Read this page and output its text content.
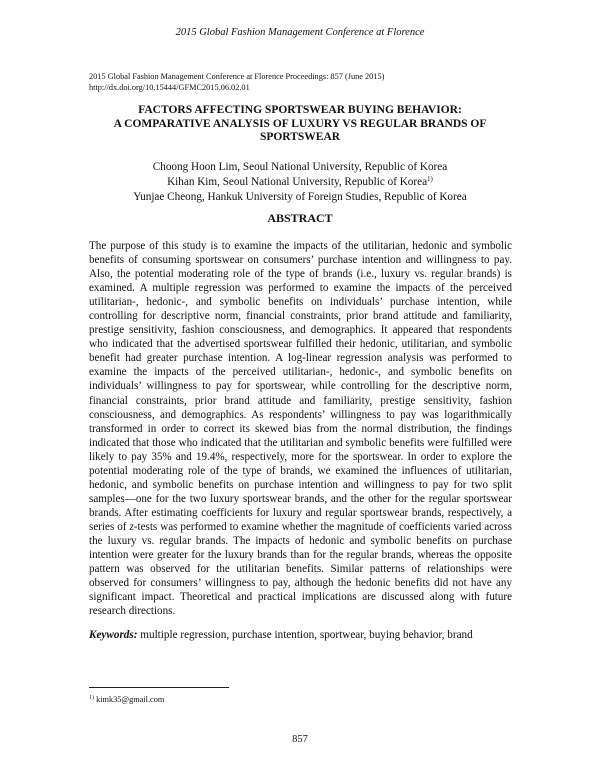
2015 Global Fashion Management Conference at Florence
2015 Global Fashion Management Conference at Florence Proceedings: 857 (June 2015)
http://dx.doi.org/10.15444/GFMC2015.06.02.01
FACTORS AFFECTING SPORTSWEAR BUYING BEHAVIOR:
A COMPARATIVE ANALYSIS OF LUXURY VS REGULAR BRANDS OF
SPORTSWEAR
Choong Hoon Lim, Seoul National University, Republic of Korea
Kihan Kim, Seoul National University, Republic of Korea$^{1)}$
Yunjae Cheong, Hankuk University of Foreign Studies, Republic of Korea
ABSTRACT

The purpose of this study is to examine the impacts of the utilitarian, hedonic and symbolic benefits of consuming sportswear on consumers’ purchase intention and willingness to pay. Also, the potential moderating role of the type of brands (i.e., luxury vs. regular brands) is examined. A multiple regression was performed to examine the impacts of the perceived utilitarian-, hedonic-, and symbolic benefits on individuals’ purchase intention, while controlling for descriptive norm, financial constraints, prior brand attitude and familiarity, prestige sensitivity, fashion consciousness, and demographics. It appeared that respondents who indicated that the advertised sportswear fulfilled their hedonic, utilitarian, and symbolic benefit had greater purchase intention. A log-linear regression analysis was performed to examine the impacts of the perceived utilitarian-, hedonic-, and symbolic benefits on individuals’ willingness to pay for sportswear, while controlling for the descriptive norm, financial constraints, prior brand attitude and familiarity, prestige sensitivity, fashion consciousness, and demographics. As respondents’ willingness to pay was logarithmically transformed in order to correct its skewed bias from the normal distribution, the findings indicated that those who indicated that the utilitarian and symbolic benefits were fulfilled were likely to pay 35% and 19.4%, respectively, more for the sportswear. In order to explore the potential moderating role of the type of brands, we examined the influences of utilitarian, hedonic, and symbolic benefits on purchase intention and willingness to pay for two split samples—one for the two luxury sportswear brands, and the other for the regular sportswear brands. After estimating coefficients for luxury and regular sportswear brands, respectively, a series of z-tests was performed to examine whether the magnitude of coefficients varied across the luxury vs. regular brands. The impacts of hedonic and symbolic benefits on purchase intention were greater for the luxury brands than for the regular brands, whereas the opposite pattern was observed for the utilitarian benefits. Similar patterns of relationships were observed for consumers’ willingness to pay, although the hedonic benefits did not have any significant impact. Theoretical and practical implications are discussed along with future research directions.

Keywords: multiple regression, purchase intention, sportwear, buying behavior, brand
$^{1)}$ kimk35@gmail.com
857
